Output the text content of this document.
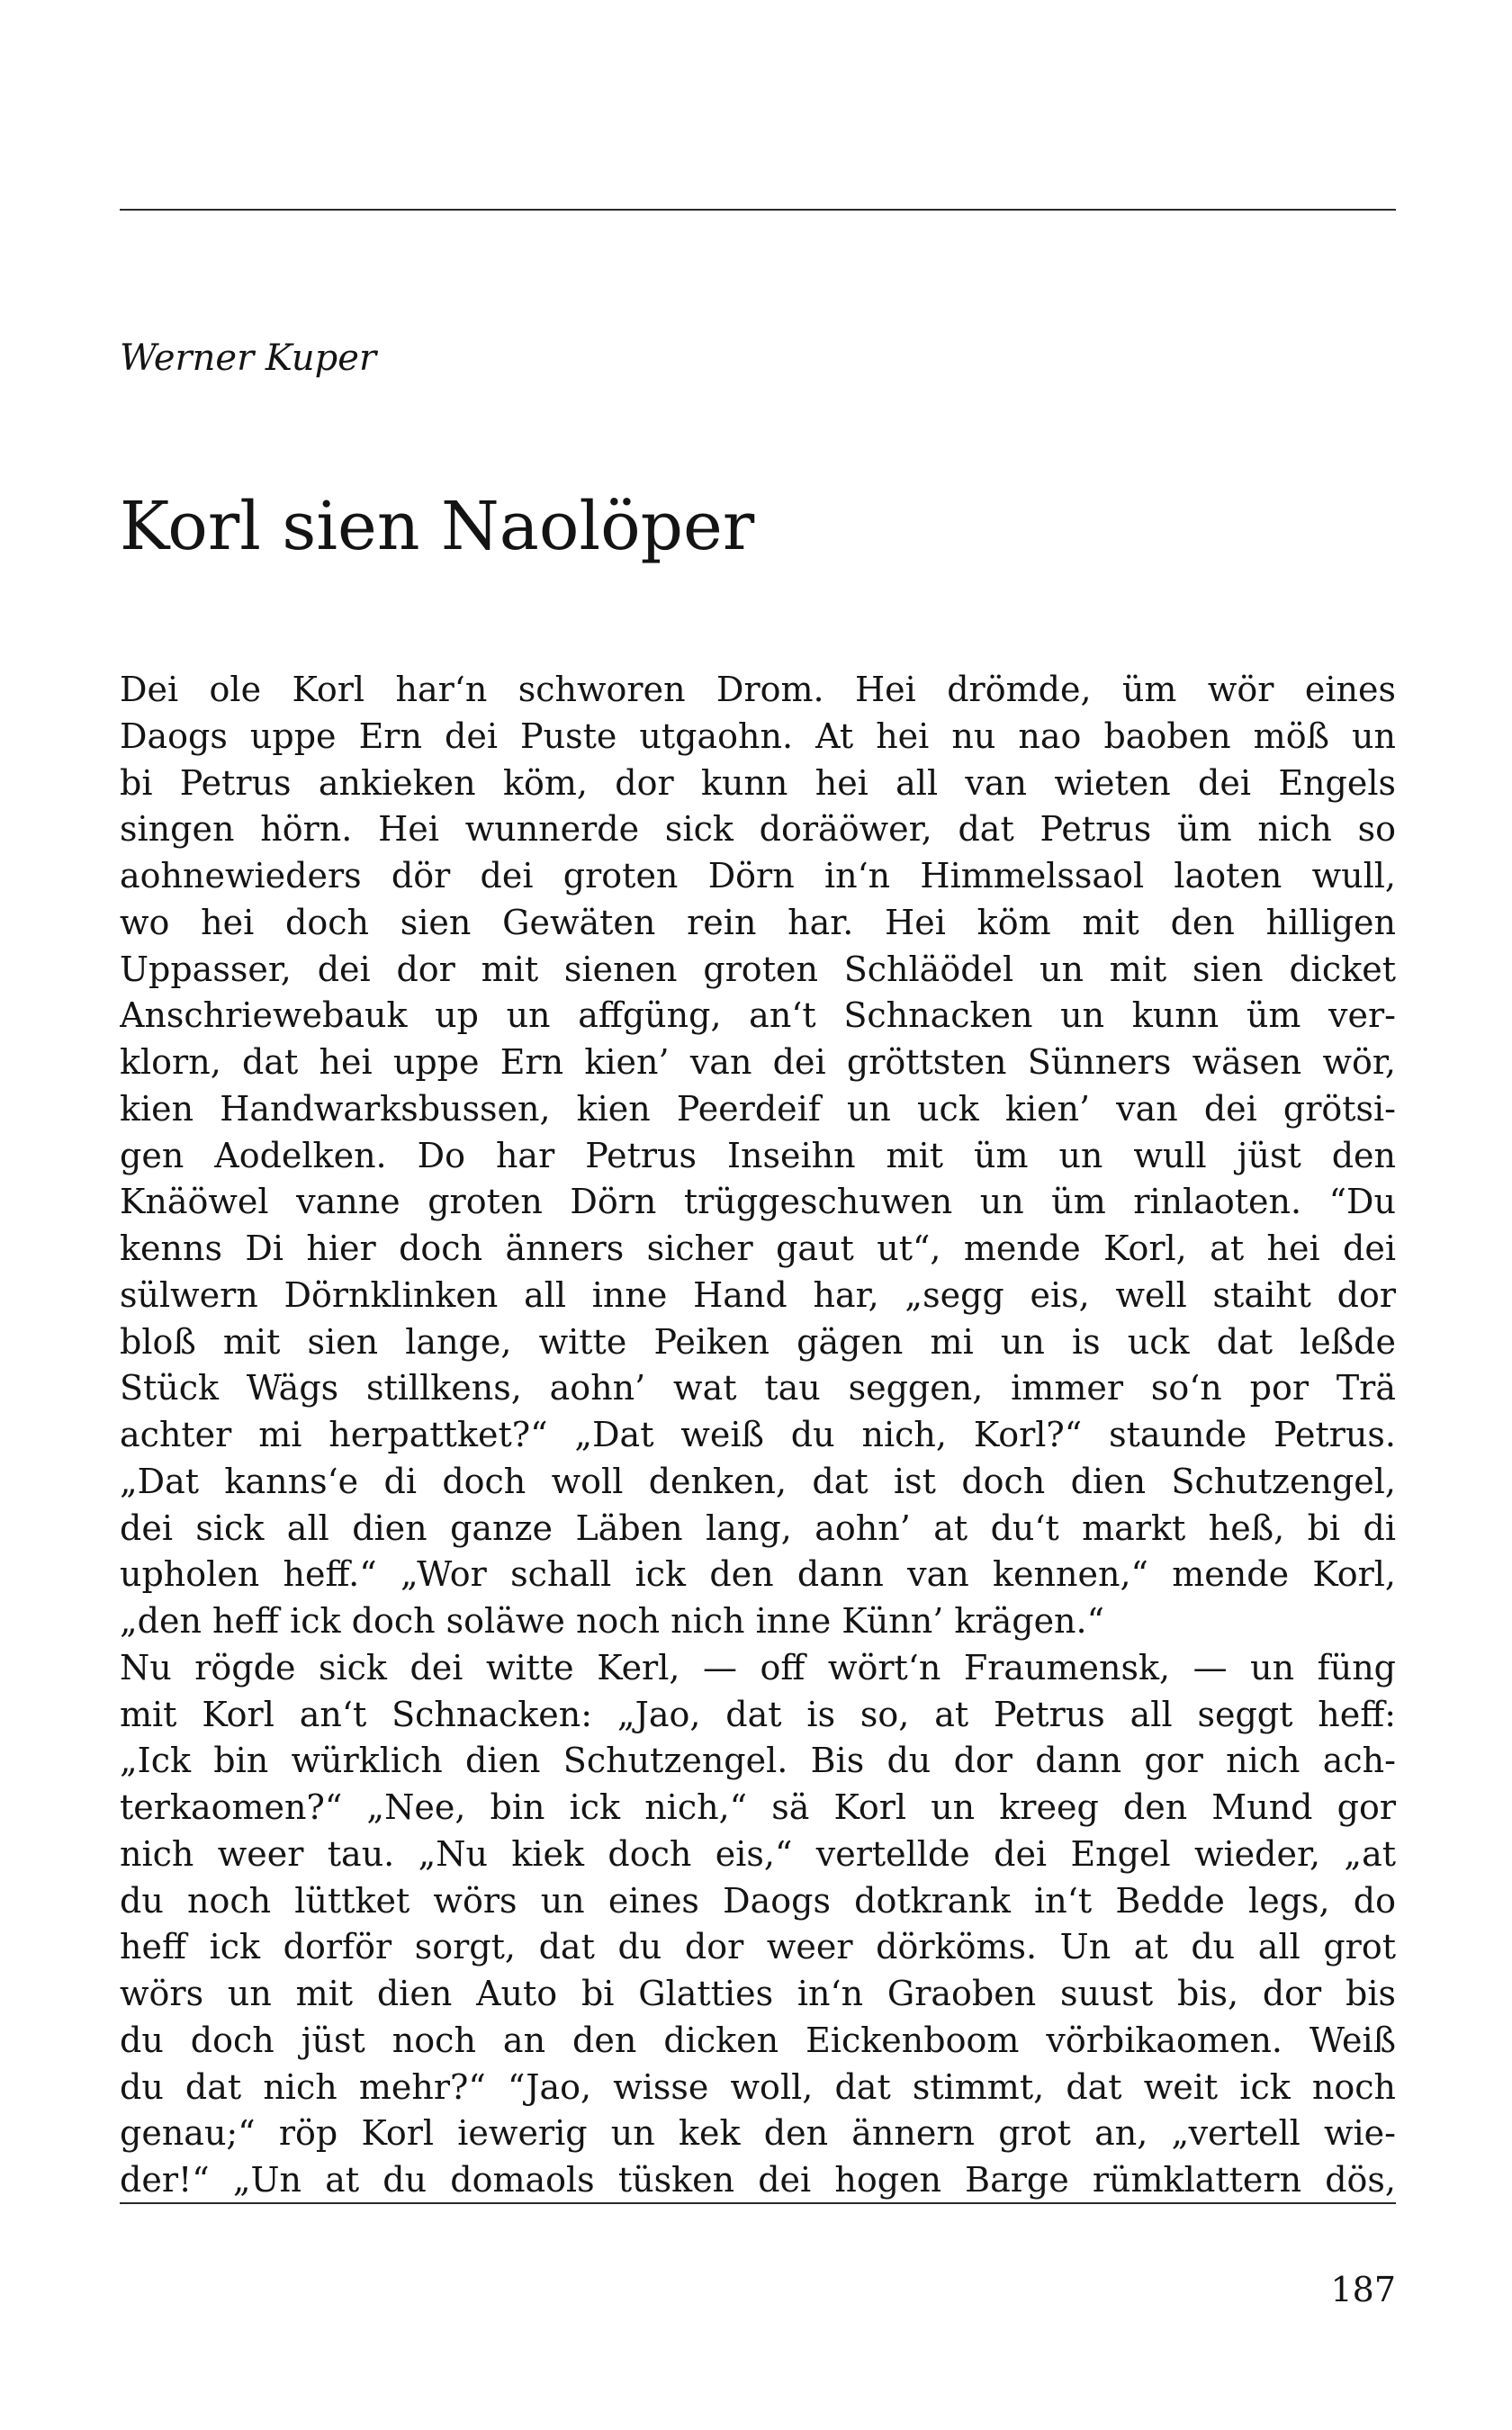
Werner Kuper
Korl sien Naolöper
Dei ole Korl har‘n schworen Drom. Hei drömde, üm wör eines
Daogs uppe Ern dei Puste utgaohn. At hei nu nao baoben möß un
bi Petrus ankieken köm, dor kunn hei all van wieten dei Engels
singen hörn. Hei wunnerde sick doräöwer, dat Petrus üm nich so
aohnewieders dör dei groten Dörn in‘n Himmelssaol laoten wull,
wo hei doch sien Gewäten rein har. Hei köm mit den hilligen
Uppasser, dei dor mit sienen groten Schläödel un mit sien dicket
Anschriewebauk up un affgüng, an‘t Schnacken un kunn üm ver-
klorn, dat hei uppe Ern kien’ van dei gröttsten Sünners wäsen wör,
kien Handwarksbussen, kien Peerdeif un uck kien’ van dei grötsi-
gen Aodelken. Do har Petrus Inseihn mit üm un wull jüst den
Knäöwel vanne groten Dörn trüggeschuwen un üm rinlaoten. “Du
kenns Di hier doch änners sicher gaut ut“, mende Korl, at hei dei
sülwern Dörnklinken all inne Hand har, „segg eis, well staiht dor
bloß mit sien lange, witte Peiken gägen mi un is uck dat leßde
Stück Wägs stillkens, aohn’ wat tau seggen, immer so‘n por Trä
achter mi herpattket?“ „Dat weiß du nich, Korl?“ staunde Petrus.
„Dat kanns‘e di doch woll denken, dat ist doch dien Schutzengel,
dei sick all dien ganze Läben lang, aohn’ at du‘t markt heß, bi di
upholen heff.“ „Wor schall ick den dann van kennen,“ mende Korl,
„den heff ick doch soläwe noch nich inne Künn’ krägen.“
Nu rögde sick dei witte Kerl, — off wört‘n Fraumensk, — un füng
mit Korl an‘t Schnacken: „Jao, dat is so, at Petrus all seggt heff:
„Ick bin würklich dien Schutzengel. Bis du dor dann gor nich ach-
terkaomen?“ „Nee, bin ick nich,“ sä Korl un kreeg den Mund gor
nich weer tau. „Nu kiek doch eis,“ vertellde dei Engel wieder, „at
du noch lüttket wörs un eines Daogs dotkrank in‘t Bedde legs, do
heff ick dorför sorgt, dat du dor weer dörköms. Un at du all grot
wörs un mit dien Auto bi Glatties in‘n Graoben suust bis, dor bis
du doch jüst noch an den dicken Eickenboom vörbikaomen. Weiß
du dat nich mehr?“ “Jao, wisse woll, dat stimmt, dat weit ick noch
genau;“ röp Korl iewerig un kek den ännern grot an, „vertell wie-
der!“ „Un at du domaols tüsken dei hogen Barge rümklattern dös,
187
